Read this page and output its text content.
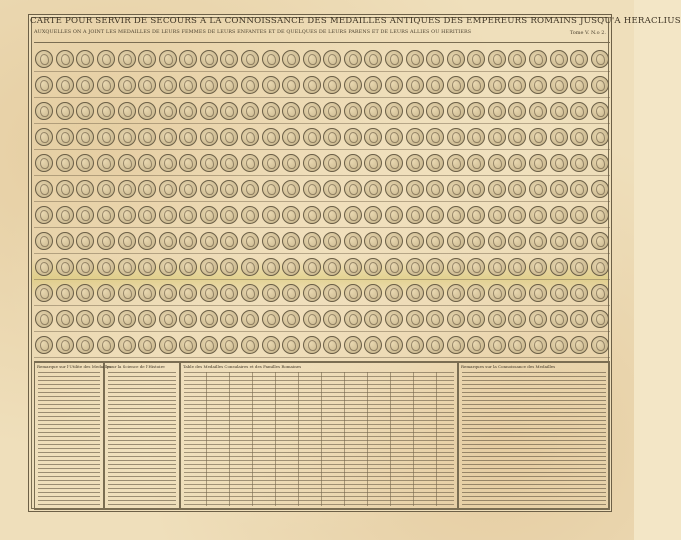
CARTE POUR SERVIR DE SECOURS A LA CONNOISSANCE DES MEDAILLES ANTIQUES DES EMPEREURS ROMAINS JUSQU'A HERACLIUS
AUXQUELLES ON A JOINT LES MEDAILLES DE LEURS FEMMES DE LEURS ENFANTES ET DE QUELQUES DE LEURS PARENS ET DE LEURS ALLIES OU HERITIERS	Tome V. N.o 2.
Remarque sur l'Utilite des Medailles
pour la Science de l'Histoire	Table des Medailles Consulaires et des Familles Romaines	Remarques sur la Connoissance des Medailles
